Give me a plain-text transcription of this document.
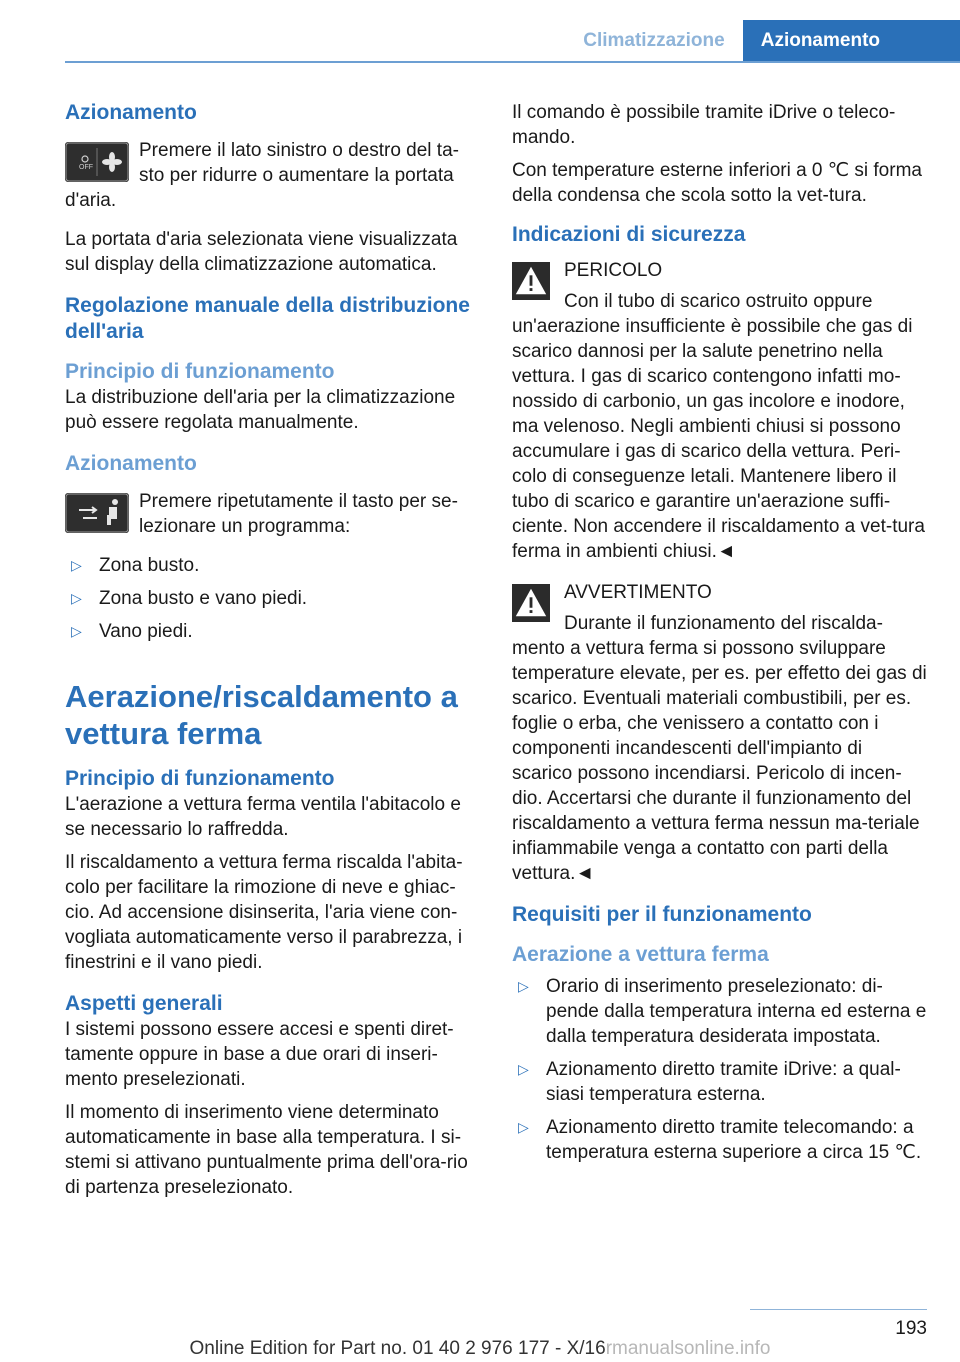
Climatizzazione	Azionamento
Azionamento
OFF

Premere il lato sinistro o destro del ta-sto per ridurre o aumentare la portata d'aria.

La portata d'aria selezionata viene visualizzata sul display della climatizzazione automatica.

Regolazione manuale della distribuzione dell'aria
Principio di funzionamento

La distribuzione dell'aria per la climatizzazione può essere regolata manualmente.

Azionamento

Premere ripetutamente il tasto per se-lezionare un programma:

▷ Zona busto.
▷ Zona busto e vano piedi.
▷ Vano piedi.
Aerazione/riscaldamento a vettura ferma
Principio di funzionamento

L'aerazione a vettura ferma ventila l'abitacolo e se necessario lo raffredda.

Il riscaldamento a vettura ferma riscalda l'abita-colo per facilitare la rimozione di neve e ghiac-cio. Ad accensione disinserita, l'aria viene con-vogliata automaticamente verso il parabrezza, i finestrini e il vano piedi.

Aspetti generali

I sistemi possono essere accesi e spenti diret-tamente oppure in base a due orari di inseri-mento preselezionati.

Il momento di inserimento viene determinato automaticamente in base alla temperatura. I si-stemi si attivano puntualmente prima dell'ora-rio di partenza preselezionato.

Il comando è possibile tramite iDrive o teleco-mando.

Con temperature esterne inferiori a 0 ℃ si forma della condensa che scola sotto la vet-tura.

Indicazioni di sicurezza

PERICOLO

Con il tubo di scarico ostruito oppure un'aerazione insufficiente è possibile che gas di scarico dannosi per la salute penetrino nella vettura. I gas di scarico contengono infatti mo-nossido di carbonio, un gas incolore e inodore, ma velenoso. Negli ambienti chiusi si possono accumulare i gas di scarico della vettura. Peri-colo di conseguenze letali. Mantenere libero il tubo di scarico e garantire un'aerazione suffi-ciente. Non accendere il riscaldamento a vet-tura ferma in ambienti chiusi.◄

AVVERTIMENTO

Durante il funzionamento del riscalda-mento a vettura ferma si possono sviluppare temperature elevate, per es. per effetto dei gas di scarico. Eventuali materiali combustibili, per es. foglie o erba, che venissero a contatto con i componenti incandescenti dell'impianto di scarico possono incendiarsi. Pericolo di incen-dio. Accertarsi che durante il funzionamento del riscaldamento a vettura ferma nessun ma-teriale infiammabile venga a contatto con parti della vettura.◄

Requisiti per il funzionamento
Aerazione a vettura ferma
▷ Orario di inserimento preselezionato: di-pende dalla temperatura interna ed esterna e dalla temperatura desiderata impostata.
▷ Azionamento diretto tramite iDrive: a qual-siasi temperatura esterna.
▷ Azionamento diretto tramite telecomando: a temperatura esterna superiore a circa 15 ℃.
193
Online Edition for Part no. 01 40 2 976 177 - X/16rmanualsonline.info
